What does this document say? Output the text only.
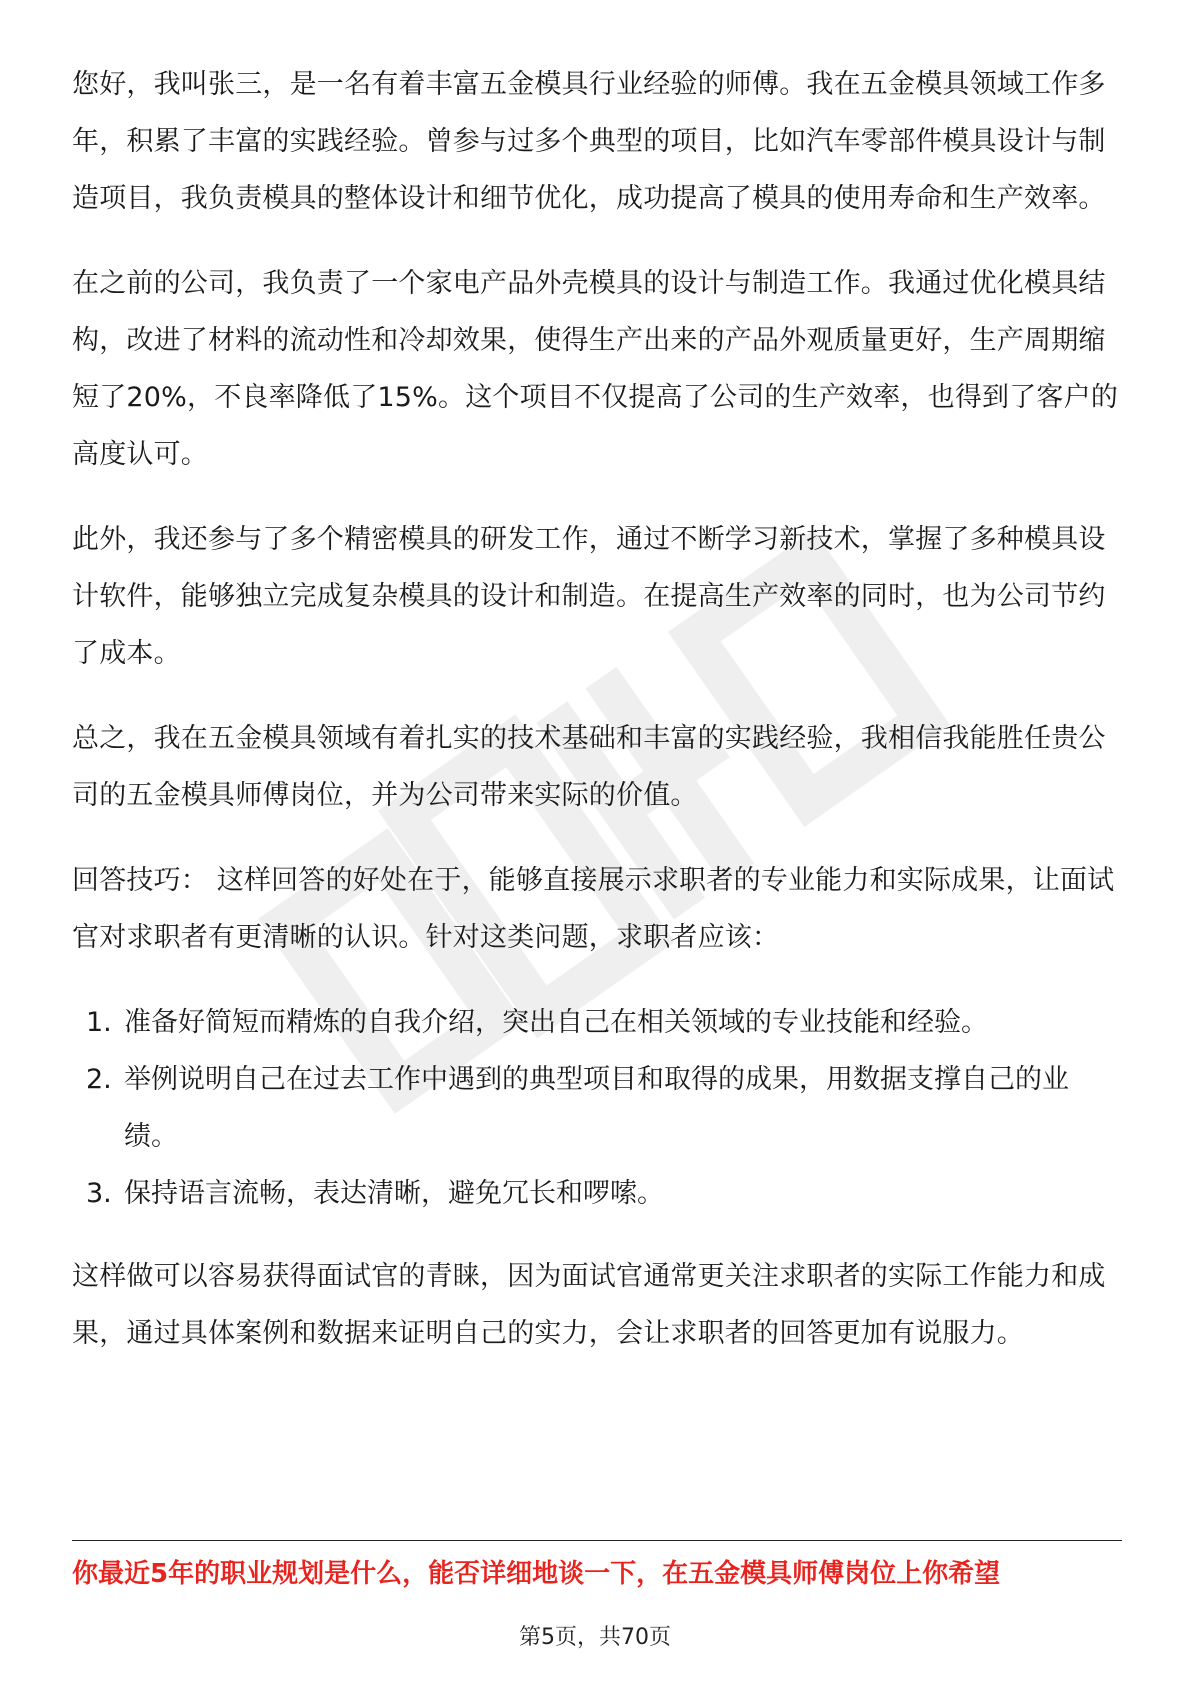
您好，我叫张三，是一名有着丰富五金模具行业经验的师傅。我在五金模具领域工作多年，积累了丰富的实践经验。曾参与过多个典型的项目，比如汽车零部件模具设计与制造项目，我负责模具的整体设计和细节优化，成功提高了模具的使用寿命和生产效率。

在之前的公司，我负责了一个家电产品外壳模具的设计与制造工作。我通过优化模具结构，改进了材料的流动性和冷却效果，使得生产出来的产品外观质量更好，生产周期缩短了20%，不良率降低了15%。这个项目不仅提高了公司的生产效率，也得到了客户的高度认可。

此外，我还参与了多个精密模具的研发工作，通过不断学习新技术，掌握了多种模具设计软件，能够独立完成复杂模具的设计和制造。在提高生产效率的同时，也为公司节约了成本。

总之，我在五金模具领域有着扎实的技术基础和丰富的实践经验，我相信我能胜任贵公司的五金模具师傅岗位，并为公司带来实际的价值。

回答技巧： 这样回答的好处在于，能够直接展示求职者的专业能力和实际成果，让面试官对求职者有更清晰的认识。针对这类问题，求职者应该：

1. 准备好简短而精炼的自我介绍，突出自己在相关领域的专业技能和经验。
2. 举例说明自己在过去工作中遇到的典型项目和取得的成果，用数据支撑自己的业绩。
3. 保持语言流畅，表达清晰，避免冗长和啰嗦。

这样做可以容易获得面试官的青睐，因为面试官通常更关注求职者的实际工作能力和成果，通过具体案例和数据来证明自己的实力，会让求职者的回答更加有说服力。

你最近5年的职业规划是什么，能否详细地谈一下，在五金模具师傅岗位上你希望
第5页，共70页
